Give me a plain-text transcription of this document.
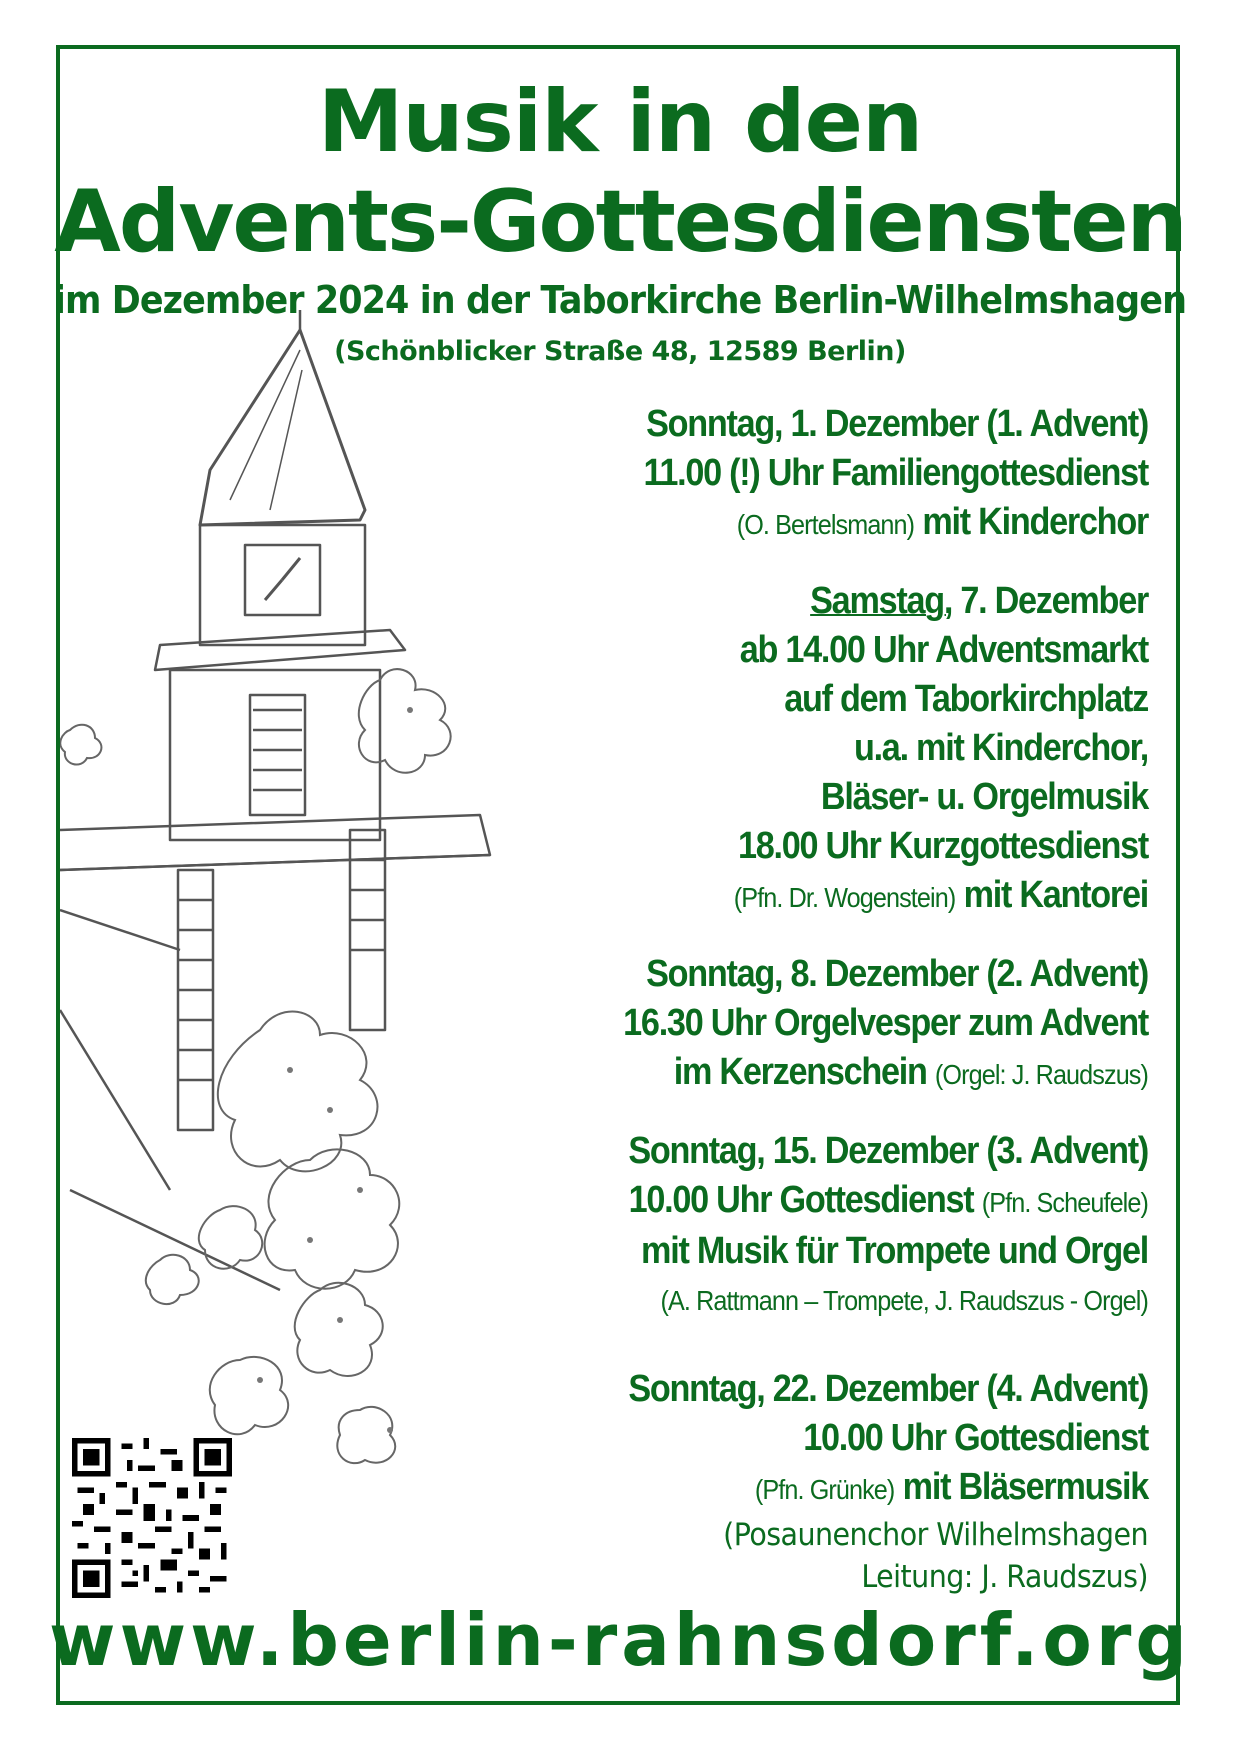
Musik in den
Advents-Gottesdiensten
im Dezember 2024 in der Taborkirche Berlin-Wilhelmshagen
(Schönblicker Straße 48, 12589 Berlin)
Sonntag, 1. Dezember (1. Advent)
11.00 (!) Uhr Familiengottesdienst
(O. Bertelsmann) mit Kinderchor
Samstag, 7. Dezember
ab 14.00 Uhr Adventsmarkt
auf dem Taborkirchplatz
u.a. mit Kinderchor,
Bläser- u. Orgelmusik
18.00 Uhr Kurzgottesdienst
(Pfn. Dr. Wogenstein) mit Kantorei
Sonntag, 8. Dezember (2. Advent)
16.30 Uhr Orgelvesper zum Advent
im Kerzenschein (Orgel: J. Raudszus)
Sonntag, 15. Dezember (3. Advent)
10.00 Uhr Gottesdienst (Pfn. Scheufele)
mit Musik für Trompete und Orgel
(A. Rattmann – Trompete, J. Raudszus - Orgel)
Sonntag, 22. Dezember (4. Advent)
10.00 Uhr Gottesdienst
(Pfn. Grünke) mit Bläsermusik
(Posaunenchor Wilhelmshagen
Leitung: J. Raudszus)
www.berlin-rahnsdorf.org
